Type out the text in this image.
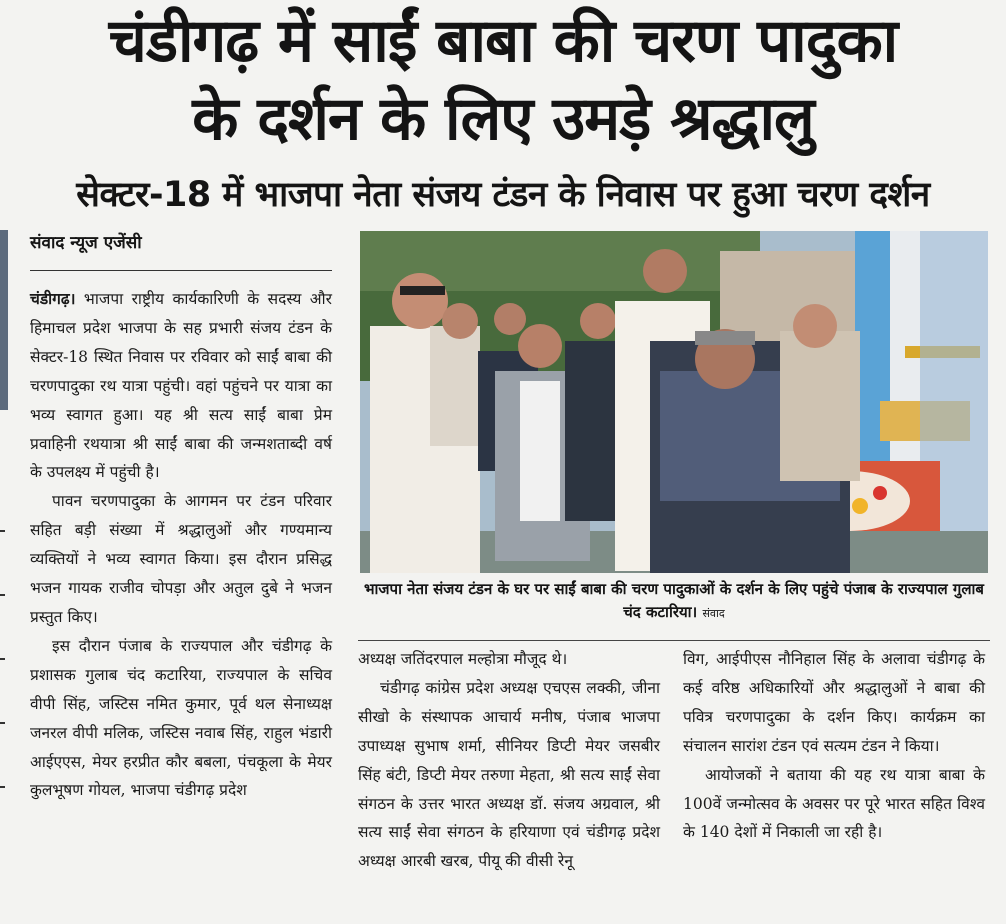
चंडीगढ़ में साईं बाबा की चरण पादुका
के दर्शन के लिए उमड़े श्रद्धालु
सेक्टर-18 में भाजपा नेता संजय टंडन के निवास पर हुआ चरण दर्शन
संवाद न्यूज एजेंसी

चंडीगढ़। भाजपा राष्ट्रीय कार्यकारिणी के सदस्य और हिमाचल प्रदेश भाजपा के सह प्रभारी संजय टंडन के सेक्टर-18 स्थित निवास पर रविवार को साईं बाबा की चरणपादुका रथ यात्रा पहुंची। वहां पहुंचने पर यात्रा का भव्य स्वागत हुआ। यह श्री सत्य साईं बाबा प्रेम प्रवाहिनी रथयात्रा श्री साईं बाबा की जन्मशताब्दी वर्ष के उपलक्ष्य में पहुंची है।

पावन चरणपादुका के आगमन पर टंडन परिवार सहित बड़ी संख्या में श्रद्धालुओं और गण्यमान्य व्यक्तियों ने भव्य स्वागत किया। इस दौरान प्रसिद्ध भजन गायक राजीव चोपड़ा और अतुल दुबे ने भजन प्रस्तुत किए।

इस दौरान पंजाब के राज्यपाल और चंडीगढ़ के प्रशासक गुलाब चंद कटारिया, राज्यपाल के सचिव वीपी सिंह, जस्टिस नमित कुमार, पूर्व थल सेनाध्यक्ष जनरल वीपी मलिक, जस्टिस नवाब सिंह, राहुल भंडारी आईएएस, मेयर हरप्रीत कौर बबला, पंचकूला के मेयर कुलभूषण गोयल, भाजपा चंडीगढ़ प्रदेश

भाजपा नेता संजय टंडन के घर पर साईं बाबा की चरण पादुकाओं के दर्शन के लिए पहुंचे पंजाब के राज्यपाल गुलाब चंद कटारिया। संवाद

अध्यक्ष जतिंदरपाल मल्होत्रा मौजूद थे।

चंडीगढ़ कांग्रेस प्रदेश अध्यक्ष एचएस लक्की, जीना सीखो के संस्थापक आचार्य मनीष, पंजाब भाजपा उपाध्यक्ष सुभाष शर्मा, सीनियर डिप्टी मेयर जसबीर सिंह बंटी, डिप्टी मेयर तरुणा मेहता, श्री सत्य साईं सेवा संगठन के उत्तर भारत अध्यक्ष डॉ. संजय अग्रवाल, श्री सत्य साईं सेवा संगठन के हरियाणा एवं चंडीगढ़ प्रदेश अध्यक्ष आरबी खरब, पीयू की वीसी रेनू

विग, आईपीएस नौनिहाल सिंह के अलावा चंडीगढ़ के कई वरिष्ठ अधिकारियों और श्रद्धालुओं ने बाबा की पवित्र चरणपादुका के दर्शन किए। कार्यक्रम का संचालन सारांश टंडन एवं सत्यम टंडन ने किया।

आयोजकों ने बताया की यह रथ यात्रा बाबा के 100वें जन्मोत्सव के अवसर पर पूरे भारत सहित विश्व के 140 देशों में निकाली जा रही है।
